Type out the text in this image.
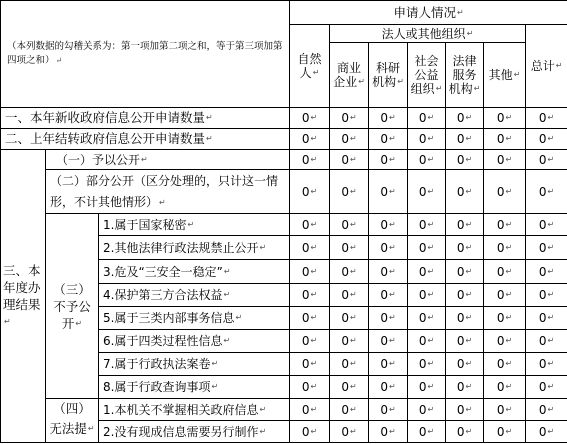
（本列数据的勾稽关系为：第一项加第二项之和，等于第三项加第四项之和）↵			申请人情况↵
			自然人↵	法人或其他组织↵					总计↵
				商业企业↵	科研机构↵	社会公益组织↵	法律服务机构↵	其他↵
一、本年新收政府信息公开申请数量↵			0↵	0↵	0↵	0↵	0↵	0↵	0↵
二、上年结转政府信息公开申请数量↵			0↵	0↵	0↵	0↵	0↵	0↵	0↵
三、本年度办理结果↵	（一）予以公开↵		0↵	0↵	0↵	0↵	0↵	0↵	0↵
	（二）部分公开（区分处理的，只计这一情形，不计其他情形）↵		0↵	0↵	0↵	0↵	0↵	0↵	0↵
	（三）不予公开↵	1.属于国家秘密↵	0↵	0↵	0↵	0↵	0↵	0↵	0↵
		2.其他法律行政法规禁止公开↵	0↵	0↵	0↵	0↵	0↵	0↵	0↵
		3.危及“三安全一稳定”↵	0↵	0↵	0↵	0↵	0↵	0↵	0↵
		4.保护第三方合法权益↵	0↵	0↵	0↵	0↵	0↵	0↵	0↵
		5.属于三类内部事务信息↵	0↵	0↵	0↵	0↵	0↵	0↵	0↵
		6.属于四类过程性信息↵	0↵	0↵	0↵	0↵	0↵	0↵	0↵
		7.属于行政执法案卷↵	0↵	0↵	0↵	0↵	0↵	0↵	0↵
		8.属于行政查询事项↵	0↵	0↵	0↵	0↵	0↵	0↵	0↵
	（四）无法提↵	1.本机关不掌握相关政府信息↵	0↵	0↵	0↵	0↵	0↵	0↵	0↵
		2.没有现成信息需要另行制作↵	0↵	0↵	0↵	0↵	0↵	0↵	0↵
